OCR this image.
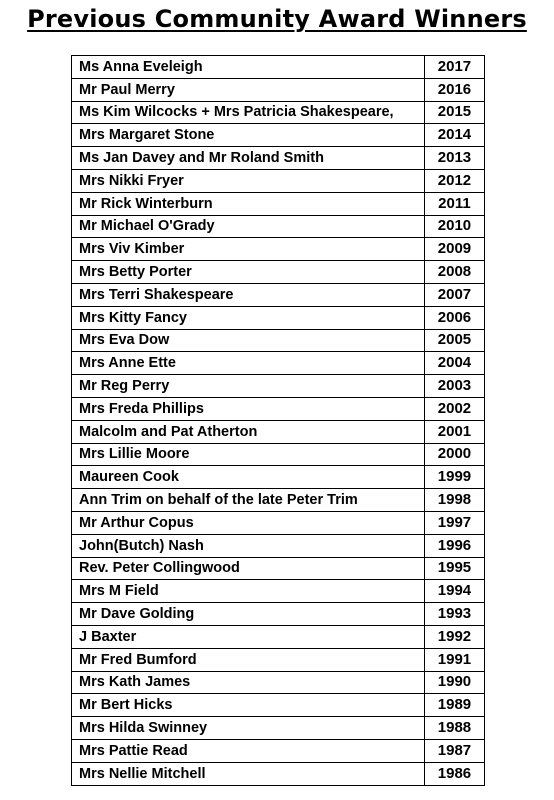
Previous Community Award Winners
Ms Anna Eveleigh	2017
Mr Paul Merry	2016
Ms Kim Wilcocks + Mrs Patricia Shakespeare,	2015
Mrs Margaret Stone	2014
Ms Jan Davey and Mr Roland Smith	2013
Mrs Nikki Fryer	2012
Mr Rick Winterburn	2011
Mr Michael O'Grady	2010
Mrs Viv Kimber	2009
Mrs Betty Porter	2008
Mrs Terri Shakespeare	2007
Mrs Kitty Fancy	2006
Mrs Eva Dow	2005
Mrs Anne Ette	2004
Mr Reg Perry	2003
Mrs Freda Phillips	2002
Malcolm and Pat Atherton	2001
Mrs Lillie Moore	2000
Maureen Cook	1999
Ann Trim on behalf of the late Peter Trim	1998
Mr Arthur Copus	1997
John(Butch) Nash	1996
Rev. Peter Collingwood	1995
Mrs M Field	1994
Mr Dave Golding	1993
J Baxter	1992
Mr Fred Bumford	1991
Mrs Kath James	1990
Mr Bert Hicks	1989
Mrs Hilda Swinney	1988
Mrs Pattie Read	1987
Mrs Nellie Mitchell	1986
